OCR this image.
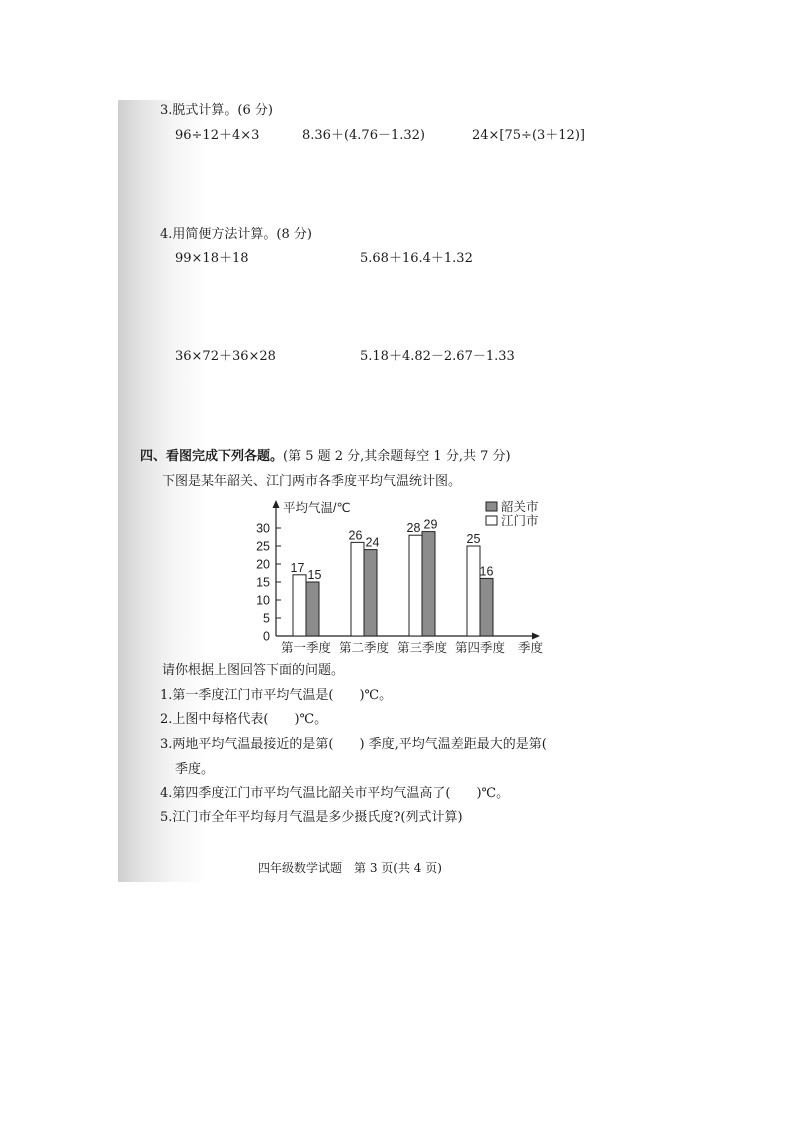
3.脱式计算。(6 分)
96÷12＋4×3	8.36＋(4.76－1.32)	24×[75÷(3＋12)]
4.用简便方法计算。(8 分)
99×18＋18	5.68＋16.4＋1.32
36×72＋36×28	5.18＋4.82－2.67－1.33
四、看图完成下列各题。(第 5 题 2 分,其余题每空 1 分,共 7 分)
下图是某年韶关、江门两市各季度平均气温统计图。
0
5
10
15
20
25
30
平均气温/℃
季度
17
15
第一季度
26
24
第二季度
28 29
第三季度
25
16
第四季度
韶关市
江门市
请你根据上图回答下面的问题。
1.第一季度江门市平均气温是(　　)℃。
2.上图中每格代表(　　)℃。
3.两地平均气温最接近的是第(　　) 季度,平均气温差距最大的是第(
季度。
4.第四季度江门市平均气温比韶关市平均气温高了(　　)℃。
5.江门市全年平均每月气温是多少摄氏度?(列式计算)
四年级数学试题　第 3 页(共 4 页)
